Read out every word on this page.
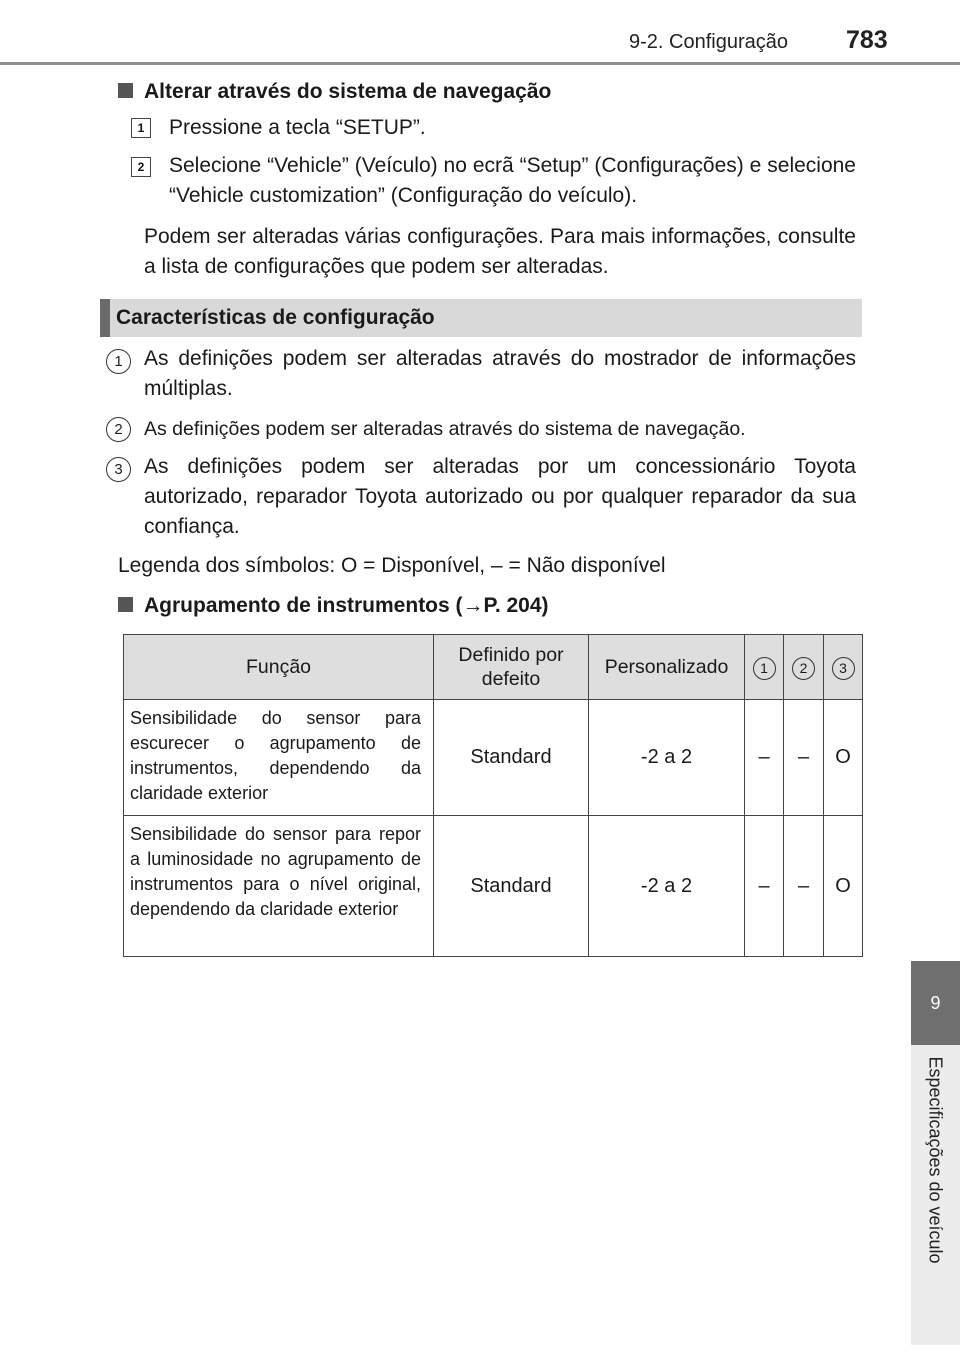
9-2. Configuração 783
9
Especificações do veículo
Alterar através do sistema de navegação
1	Pressione a tecla “SETUP”.
2	Selecione “Vehicle” (Veículo) no ecrã “Setup” (Configurações) e selecione “Vehicle customization” (Configuração do veículo).
Podem ser alteradas várias configurações. Para mais informações, consulte a lista de configurações que podem ser alteradas.
Características de configuração
1	As definições podem ser alteradas através do mostrador de informações múltiplas.
2	As definições podem ser alteradas através do sistema de navegação.
3	As definições podem ser alteradas por um concessionário Toyota autorizado, reparador Toyota autorizado ou por qualquer reparador da sua confiança.
Legenda dos símbolos: O = Disponível, – = Não disponível
Agrupamento de instrumentos (→P. 204)
Função	Definido por defeito	Personalizado	1	2	3
Sensibilidade do sensor para escurecer o agrupamento de instrumentos, dependendo da claridade exterior	Standard	-2 a 2	–	–	O
Sensibilidade do sensor para repor a luminosidade no agrupamento de instrumentos para o nível original, dependendo da claridade exterior	Standard	-2 a 2	–	–	O
